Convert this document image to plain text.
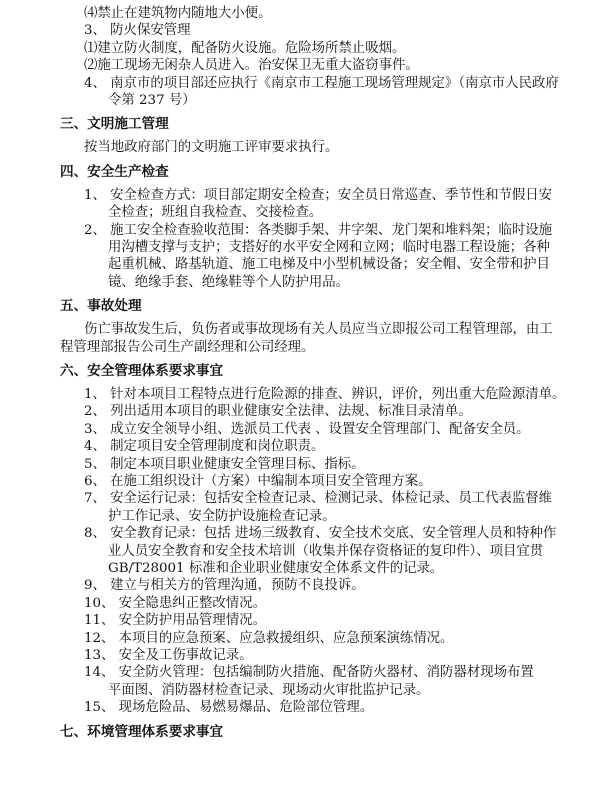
⑷禁止在建筑物内随地大小便。
3、 防火保安管理
⑴建立防火制度，配备防火设施。危险场所禁止吸烟。
⑵施工现场无闲杂人员进入。治安保卫无重大盗窃事件。
4、 南京市的项目部还应执行《南京市工程施工现场管理规定》（南京市人民政府
令第 237 号）
三、文明施工管理
按当地政府部门的文明施工评审要求执行。
四、安全生产检查
1、 安全检查方式：项目部定期安全检查；安全员日常巡查、季节性和节假日安
全检查；班组自我检查、交接检查。
2、 施工安全检查验收范围：各类脚手架、井字架、龙门架和堆料架；临时设施
用沟槽支撑与支护；支搭好的水平安全网和立网；临时电器工程设施；各种
起重机械、路基轨道、施工电梯及中小型机械设备；安全帽、安全带和护目
镜、绝缘手套、绝缘鞋等个人防护用品。
五、事故处理
伤亡事故发生后，负伤者或事故现场有关人员应当立即报公司工程管理部，由工
程管理部报告公司生产副经理和公司经理。
六、安全管理体系要求事宜
1、 针对本项目工程特点进行危险源的排查、辨识，评价，列出重大危险源清单。
2、 列出适用本项目的职业健康安全法律、法规、标准目录清单。
3、 成立安全领导小组、选派员工代表 、设置安全管理部门、配备安全员。
4、 制定项目安全管理制度和岗位职责。
5、 制定本项目职业健康安全管理目标、指标。
6、 在施工组织设计（方案）中编制本项目安全管理方案。
7、 安全运行记录：包括安全检查记录、检测记录、体检记录、员工代表监督维
护工作记录、安全防护设施检查记录。
8、 安全教育记录：包括 进场三级教育、安全技术交底、安全管理人员和特种作
业人员安全教育和安全技术培训（收集并保存资格证的复印件）、项目宜贯
GB/T28001 标准和企业职业健康安全体系文件的记录。
9、 建立与相关方的管理沟通，预防不良投诉。
10、 安全隐患纠正整改情况。
11、 安全防护用品管理情况。
12、 本项目的应急预案、应急救援组织、应急预案演练情况。
13、 安全及工伤事故记录。
14、 安全防火管理：包括编制防火措施、配备防火器材、消防器材现场布置
平面图、消防器材检查记录、现场动火审批监护记录。
15、 现场危险品、易燃易爆品、危险部位管理。
七、环境管理体系要求事宜
